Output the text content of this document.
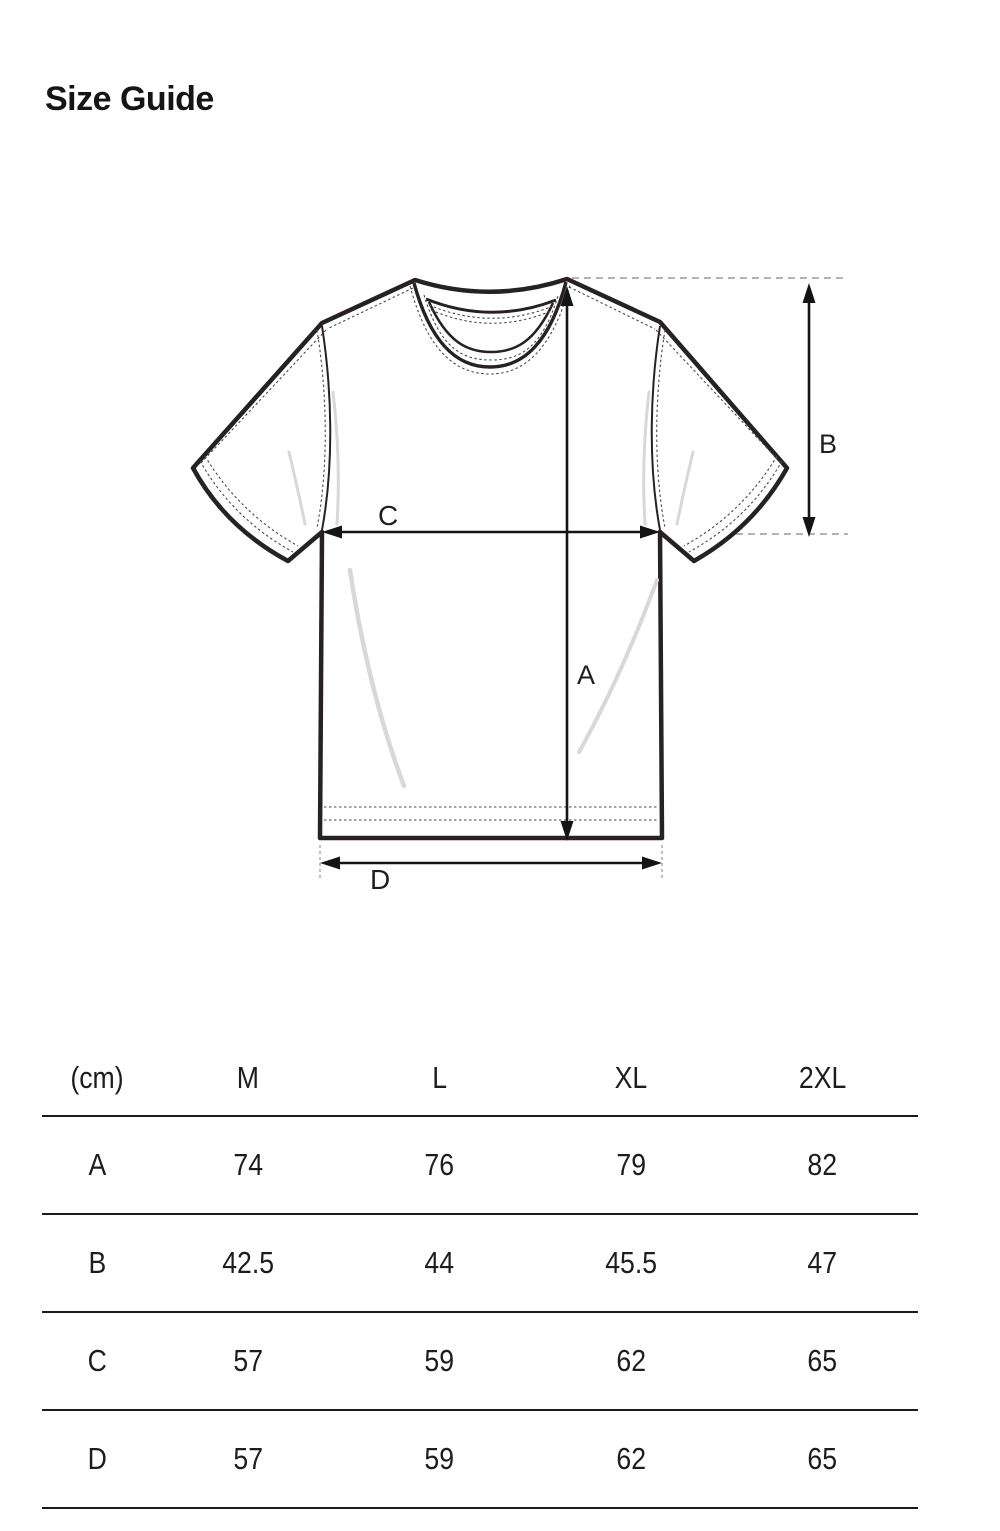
Size Guide
A
B
C
D
(cm)	M	L	XL	2XL
A	74	76	79	82
B	42.5	44	45.5	47
C	57	59	62	65
D	57	59	62	65
